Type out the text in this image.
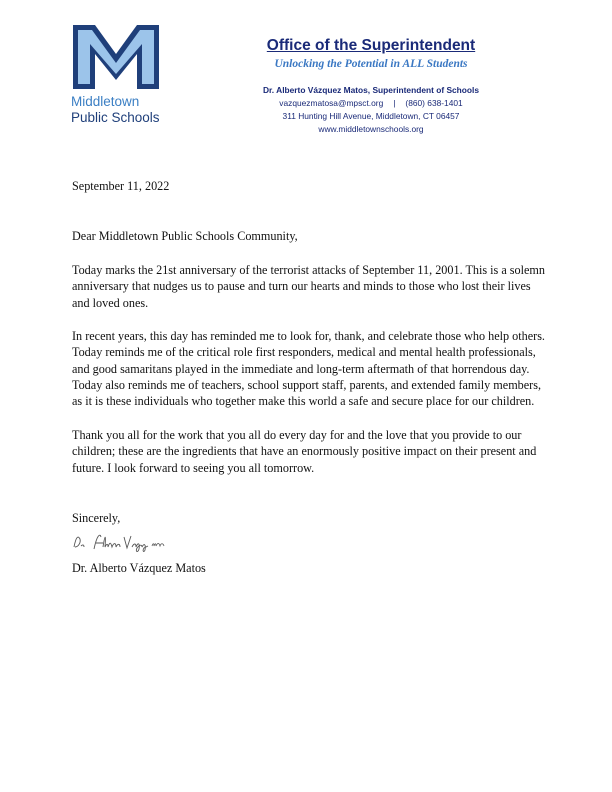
Middletown
Public Schools
Office of the Superintendent
Unlocking the Potential in ALL Students
Dr. Alberto Vázquez Matos, Superintendent of Schools
vazquezmatosa@mpsct.org | (860) 638-1401
311 Hunting Hill Avenue, Middletown, CT 06457
www.middletownschools.org
September 11, 2022
Dear Middletown Public Schools Community,

Today marks the 21st anniversary of the terrorist attacks of September 11, 2001. This is a solemn anniversary that nudges us to pause and turn our hearts and minds to those who lost their lives and loved ones.

In recent years, this day has reminded me to look for, thank, and celebrate those who help others. Today reminds me of the critical role first responders, medical and mental health professionals, and good samaritans played in the immediate and long-term aftermath of that horrendous day. Today also reminds me of teachers, school support staff, parents, and extended family members, as it is these individuals who together make this world a safe and secure place for our children.

Thank you all for the work that you all do every day for and the love that you provide to our children; these are the ingredients that have an enormously positive impact on their present and future. I look forward to seeing you all tomorrow.

Sincerely,
Dr. Alberto Vázquez Matos
